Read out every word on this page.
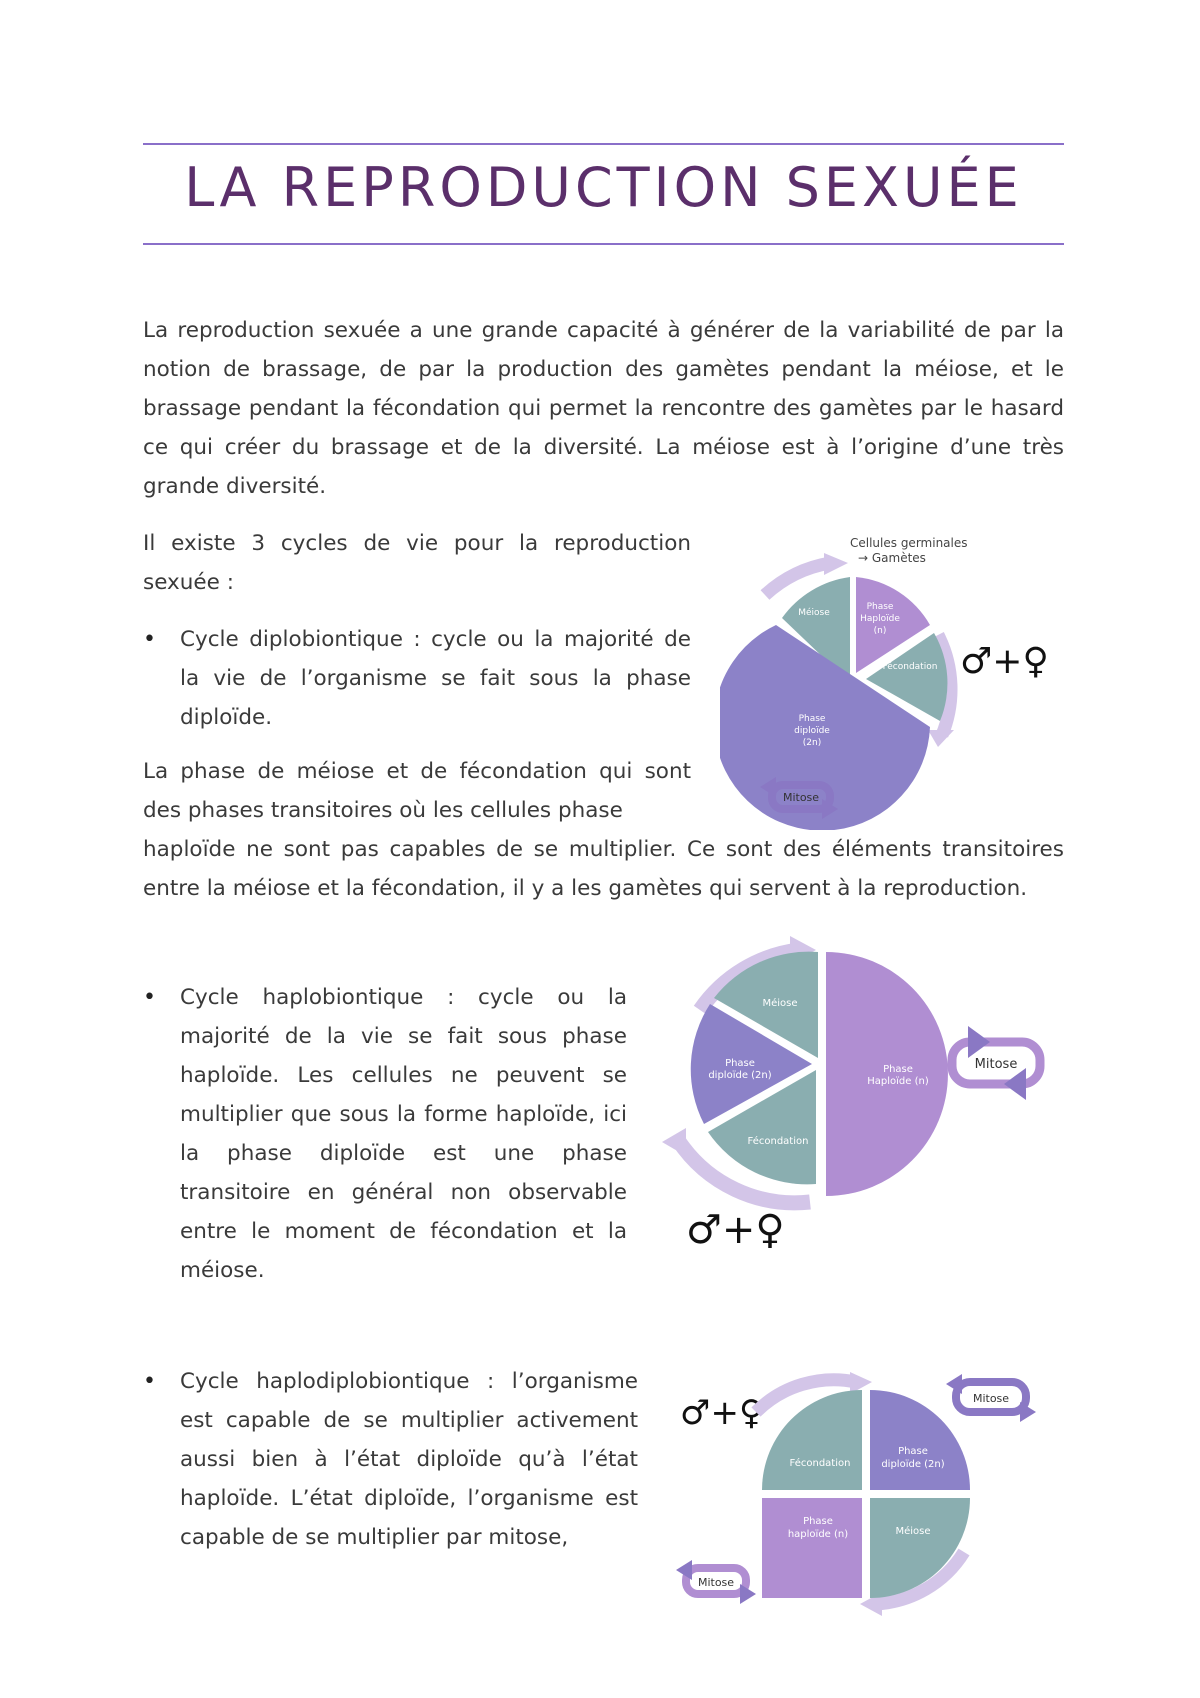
LA REPRODUCTION SEXUÉE

La reproduction sexuée a une grande capacité à générer de la variabilité de par la notion de brassage, de par la production des gamètes pendant la méiose, et le brassage pendant la fécondation qui permet la rencontre des gamètes par le hasard ce qui créer du brassage et de la diversité. La méiose est à l’origine d’une très grande diversité.

Il existe 3 cycles de vie pour la reproduction sexuée :

• Cycle diplobiontique : cycle ou la majorité de la vie de l’organisme se fait sous la phase diploïde.

La phase de méiose et de fécondation qui sont des phases transitoires où les cellules phase

haploïde ne sont pas capables de se multiplier. Ce sont des éléments transitoires entre la méiose et la fécondation, il y a les gamètes qui servent à la reproduction.

• Cycle haplobiontique : cycle ou la majorité de la vie se fait sous phase haploïde. Les cellules ne peuvent se multiplier que sous la forme haploïde, ici la phase diploïde est une phase transitoire en général non observable entre le moment de fécondation et la méiose.

• Cycle haplodiplobiontique : l’organisme est capable de se multiplier activement aussi bien à l’état diploïde qu’à l’état haploïde. L’état diploïde, l’organisme est capable de se multiplier par mitose,

Cellules germinales
→ Gamètes
Méiose
Phase
Haploïde
(n)
Fécondation
Phase
diploïde
(2n)
♂+♀
Mitose
Méiose
Phase
diploïde (2n)
Fécondation
Phase
Haploïde (n)
Mitose
♂+♀
♂+♀	Mitose
Fécondation
Phase
diploïde (2n)
Phase
haploïde (n)	Méiose
Mitose
